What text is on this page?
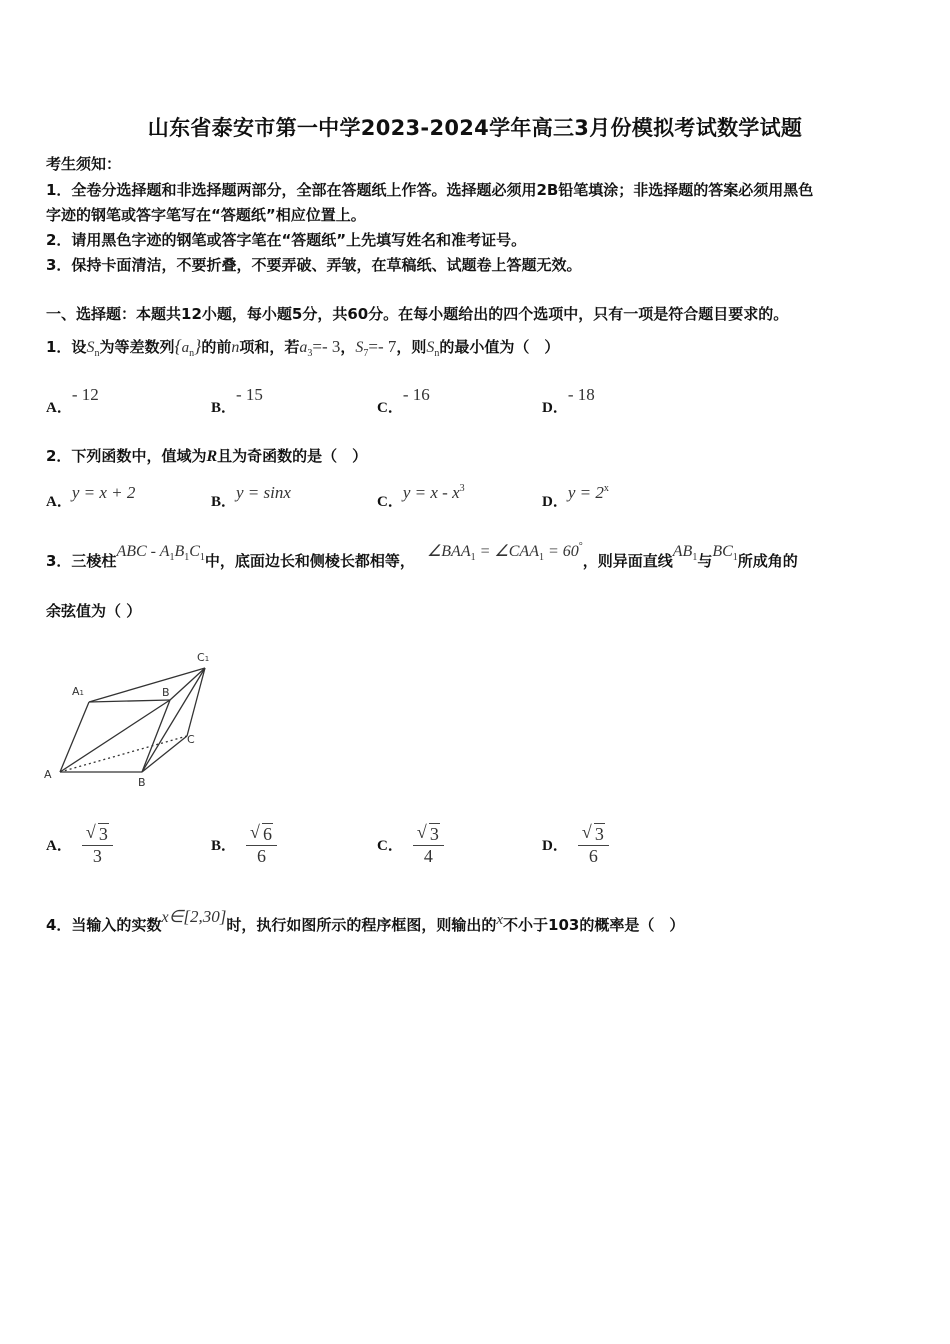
山东省泰安市第一中学2023-2024学年高三3月份模拟考试数学试题
考生须知：
1．全卷分选择题和非选择题两部分，全部在答题纸上作答。选择题必须用2B铅笔填涂；非选择题的答案必须用黑色
字迹的钢笔或答字笔写在“答题纸”相应位置上。
2．请用黑色字迹的钢笔或答字笔在“答题纸”上先填写姓名和准考证号。
3．保持卡面清洁，不要折叠，不要弄破、弄皱，在草稿纸、试题卷上答题无效。
一、选择题：本题共12小题，每小题5分，共60分。在每小题给出的四个选项中，只有一项是符合题目要求的。
1．设$S_n$为等差数列$\{a_n\}$的前n项和，若$a_3=-$ 3，$S_7=-$ 7，则$S_n$的最小值为（　）
A．- 12
B．- 15
C．- 16
D．- 18
2．下列函数中，值域为R且为奇函数的是（　）
A．y = x + 2	B．y = sinx	C．$y = x - x^3$
D．$y = 2^x$
3．三棱柱ABC - $A_1B_1C_1$中，底面边长和侧棱长都相等，$\angle BAA_1$ = $\angle CAA_1 = 60^\circ$，则异面直线$AB_1$与$BC_1$所成角的
余弦值为（ ）
C1
A1	B
C
A
B
A． √ $\frac{3}{3}$	B． √ $\frac{6}{6}$	C． √ $\frac{3}{4}$	D． √ $\frac{3}{6}$
4．当输入的实数x∈[2,30]时，执行如图所示的程序框图，则输出的x不小于103的概率是（　）
